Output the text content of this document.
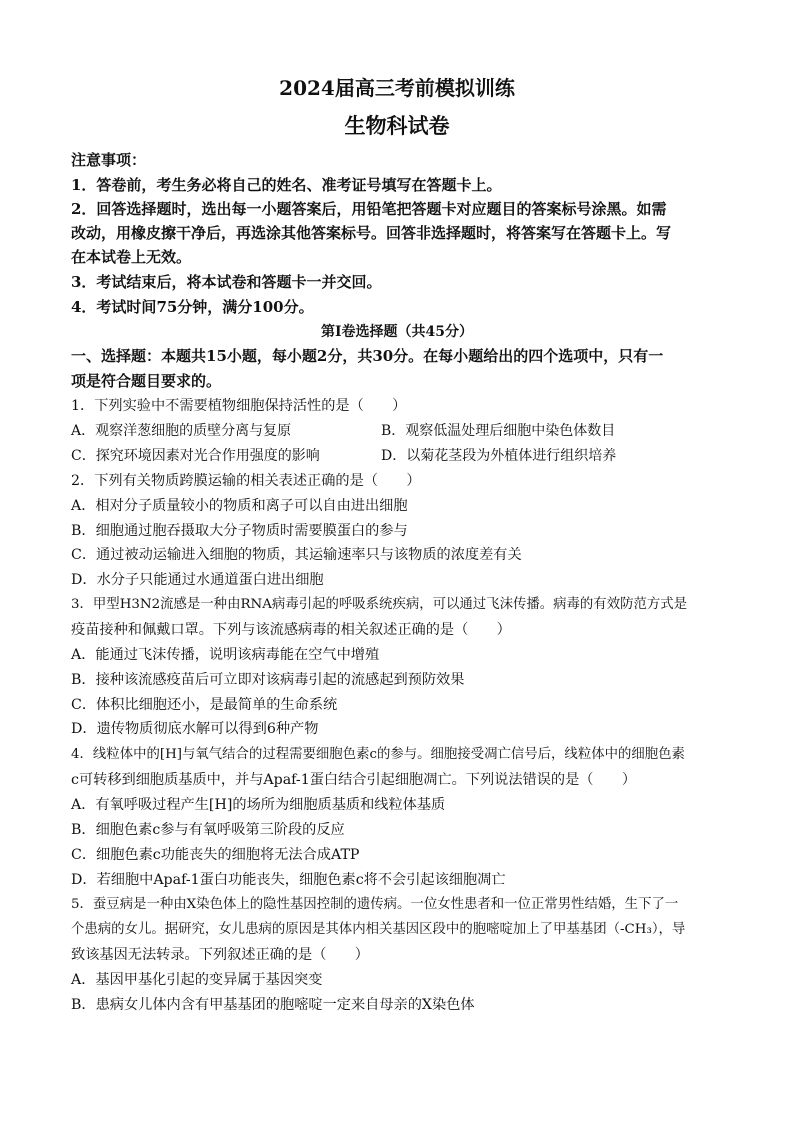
2024届高三考前模拟训练
生物科试卷
注意事项：
1．答卷前，考生务必将自己的姓名、准考证号填写在答题卡上。
2．回答选择题时，选出每一小题答案后，用铅笔把答题卡对应题目的答案标号涂黑。如需
改动，用橡皮擦干净后，再选涂其他答案标号。回答非选择题时，将答案写在答题卡上。写
在本试卷上无效。
3．考试结束后，将本试卷和答题卡一并交回。
4．考试时间75分钟，满分100分。
第Ⅰ卷选择题（共45分）
一、选择题：本题共15小题，每小题2分，共30分。在每小题给出的四个选项中，只有一
项是符合题目要求的。
1．下列实验中不需要植物细胞保持活性的是（　　）
A．观察洋葱细胞的质壁分离与复原	B．观察低温处理后细胞中染色体数目
C．探究环境因素对光合作用强度的影响	D．以菊花茎段为外植体进行组织培养
2．下列有关物质跨膜运输的相关表述正确的是（　　）
A．相对分子质量较小的物质和离子可以自由进出细胞
B．细胞通过胞吞摄取大分子物质时需要膜蛋白的参与
C．通过被动运输进入细胞的物质，其运输速率只与该物质的浓度差有关
D．水分子只能通过水通道蛋白进出细胞
3．甲型H3N2流感是一种由RNA病毒引起的呼吸系统疾病，可以通过飞沫传播。病毒的有效防范方式是
疫苗接种和佩戴口罩。下列与该流感病毒的相关叙述正确的是（　　）
A．能通过飞沫传播，说明该病毒能在空气中增殖
B．接种该流感疫苗后可立即对该病毒引起的流感起到预防效果
C．体积比细胞还小，是最简单的生命系统
D．遗传物质彻底水解可以得到6种产物
4．线粒体中的[H]与氧气结合的过程需要细胞色素c的参与。细胞接受凋亡信号后，线粒体中的细胞色素
c可转移到细胞质基质中，并与Apaf-1蛋白结合引起细胞凋亡。下列说法错误的是（　　）
A．有氧呼吸过程产生[H]的场所为细胞质基质和线粒体基质
B．细胞色素c参与有氧呼吸第三阶段的反应
C．细胞色素c功能丧失的细胞将无法合成ATP
D．若细胞中Apaf-1蛋白功能丧失，细胞色素c将不会引起该细胞凋亡
5．蚕豆病是一种由X染色体上的隐性基因控制的遗传病。一位女性患者和一位正常男性结婚，生下了一
个患病的女儿。据研究，女儿患病的原因是其体内相关基因区段中的胞嘧啶加上了甲基基团（-CH₃），导
致该基因无法转录。下列叙述正确的是（　　）
A．基因甲基化引起的变异属于基因突变
B．患病女儿体内含有甲基基团的胞嘧啶一定来自母亲的X染色体
